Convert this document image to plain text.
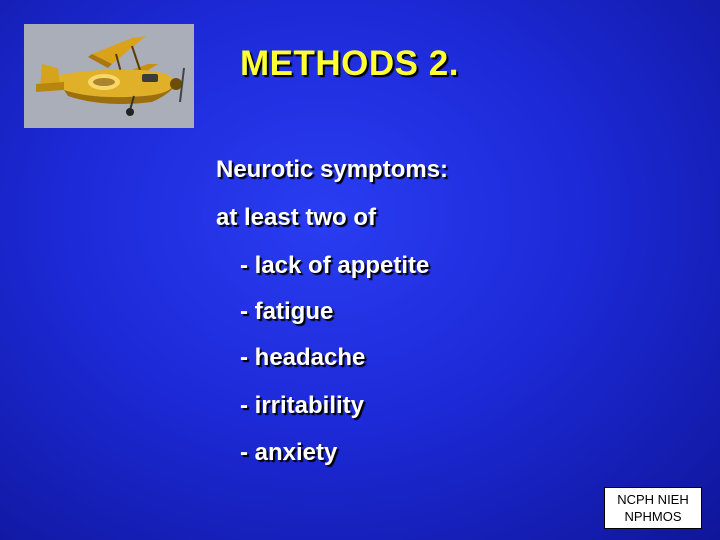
METHODS 2.

Neurotic symptoms:

at least two of

- lack of appetite

- fatigue

- headache

- irritability

- anxiety

NCPH NIEH
NPHMOS
